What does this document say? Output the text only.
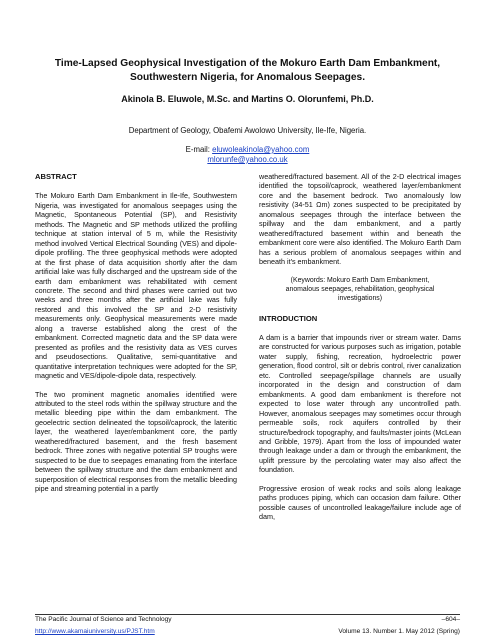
Time-Lapsed Geophysical Investigation of the Mokuro Earth Dam Embankment, Southwestern Nigeria, for Anomalous Seepages.
Akinola B. Eluwole, M.Sc. and Martins O. Olorunfemi, Ph.D.
Department of Geology, Obafemi Awolowo University, Ile-Ife, Nigeria.
E-mail: eluwoleakinola@yahoo.com
mlorunfe@yahoo.co.uk
ABSTRACT

The Mokuro Earth Dam Embankment in Ile-Ife, Southwestern Nigeria, was investigated for anomalous seepages using the Magnetic, Spontaneous Potential (SP), and Resistivity methods. The Magnetic and SP methods utilized the profiling technique at station interval of 5 m, while the Resistivity method involved Vertical Electrical Sounding (VES) and dipole-dipole profiling. The three geophysical methods were adopted at the first phase of data acquisition shortly after the dam artificial lake was fully discharged and the upstream side of the earth dam embankment was rehabilitated with cement concrete. The second and third phases were carried out two weeks and three months after the artificial lake was fully restored and this involved the SP and 2-D resistivity measurements only. Geophysical measurements were made along a traverse established along the crest of the embankment. Corrected magnetic data and the SP data were presented as profiles and the resistivity data as VES curves and pseudosections. Qualitative, semi-quantitative and quantitative interpretation techniques were adopted for the SP, magnetic and VES/dipole-dipole data, respectively.

The two prominent magnetic anomalies identified were attributed to the steel rods within the spillway structure and the metallic bleeding pipe within the dam embankment. The geoelectric section delineated the topsoil/caprock, the lateritic layer, the weathered layer/embankment core, the partly weathered/fractured basement, and the fresh basement bedrock. Three zones with negative potential SP troughs were suspected to be due to seepages emanating from the interface between the spillway structure and the dam embankment and superposition of electrical responses from the metallic bleeding pipe and streaming potential in a partly

weathered/fractured basement. All of the 2-D electrical images identified the topsoil/caprock, weathered layer/embankment core and the basement bedrock. Two anomalously low resistivity (34-51 Ωm) zones suspected to be precipitated by anomalous seepages through the interface between the spillway and the dam embankment, and a partly weathered/fractured basement within and beneath the embankment core were also identified. The Mokuro Earth Dam has a serious problem of anomalous seepages within and beneath it's embankment.

(Keywords: Mokuro Earth Dam Embankment, anomalous seepages, rehabilitation, geophysical investigations)
INTRODUCTION

A dam is a barrier that impounds river or stream water. Dams are constructed for various purposes such as irrigation, potable water supply, fishing, recreation, hydroelectric power generation, flood control, silt or debris control, river canalization etc. Controlled seepage/spillage channels are usually incorporated in the design and construction of dam embankments. A good dam embankment is therefore not expected to lose water through any uncontrolled path. However, anomalous seepages may sometimes occur through permeable soils, rock aquifers controlled by their structure/bedrock topography, and faults/master joints (McLean and Gribble, 1979). Apart from the loss of impounded water through leakage under a dam or through the embankment, the uplift pressure by the percolating water may also affect the foundation.

Progressive erosion of weak rocks and soils along leakage paths produces piping, which can occasion dam failure. Other possible causes of uncontrolled leakage/failure include age of dam,

The Pacific Journal of Science and Technology	–604–
http://www.akamaiuniversity.us/PJST.htm	Volume 13. Number 1. May 2012 (Spring)
